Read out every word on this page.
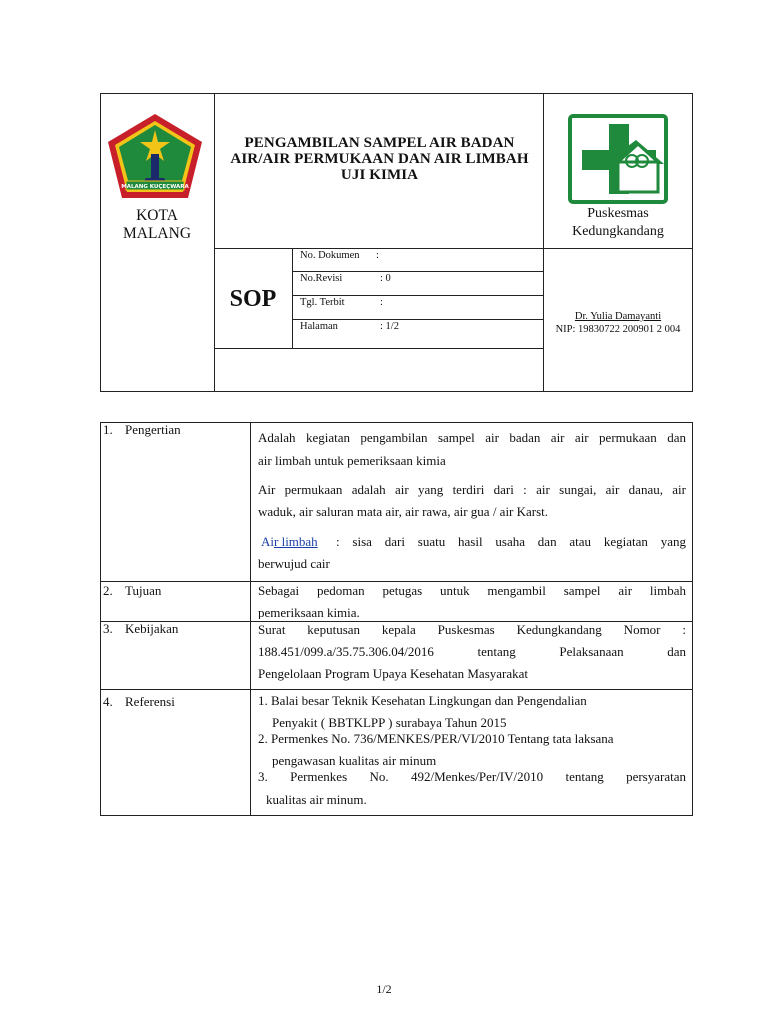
MALANG KUÇEÇWARA
KOTA
MALANG
PENGAMBILAN SAMPEL AIR BADAN AIR/AIR PERMUKAAN DAN AIR LIMBAH UJI KIMIA
Puskesmas
Kedungkandang
SOP
No. Dokumen :
No.Revisi	: 0
Tgl. Terbit	:
Halaman	: 1/2
Dr. Yulia Damayanti
NIP: 19830722 200901 2 004
1. Pengertian
Adalah kegiatan pengambilan sampel air badan air air permukaan dan
air limbah untuk pemeriksaan kimia
Air permukaan adalah air yang terdiri dari : air sungai, air danau, air
waduk, air saluran mata air, air rawa, air gua / air Karst.
Air limbah : sisa dari suatu hasil usaha dan atau kegiatan yang
berwujud cair
2. Tujuan	Sebagai pedoman petugas untuk mengambil sampel air limbah
pemeriksaan kimia.
3. Kebijakan	Surat keputusan kepala Puskesmas Kedungkandang Nomor :
188.451/099.a/35.75.306.04/2016 tentang Pelaksanaan dan
Pengelolaan Program Upaya Kesehatan Masyarakat
4. Referensi	1. Balai besar Teknik Kesehatan Lingkungan dan Pengendalian
Penyakit ( BBTKLPP ) surabaya Tahun 2015
2. Permenkes No. 736/MENKES/PER/VI/2010 Tentang tata laksana
pengawasan kualitas air minum
3. Permenkes No. 492/Menkes/Per/IV/2010 tentang persyaratan
kualitas air minum.
1/2
